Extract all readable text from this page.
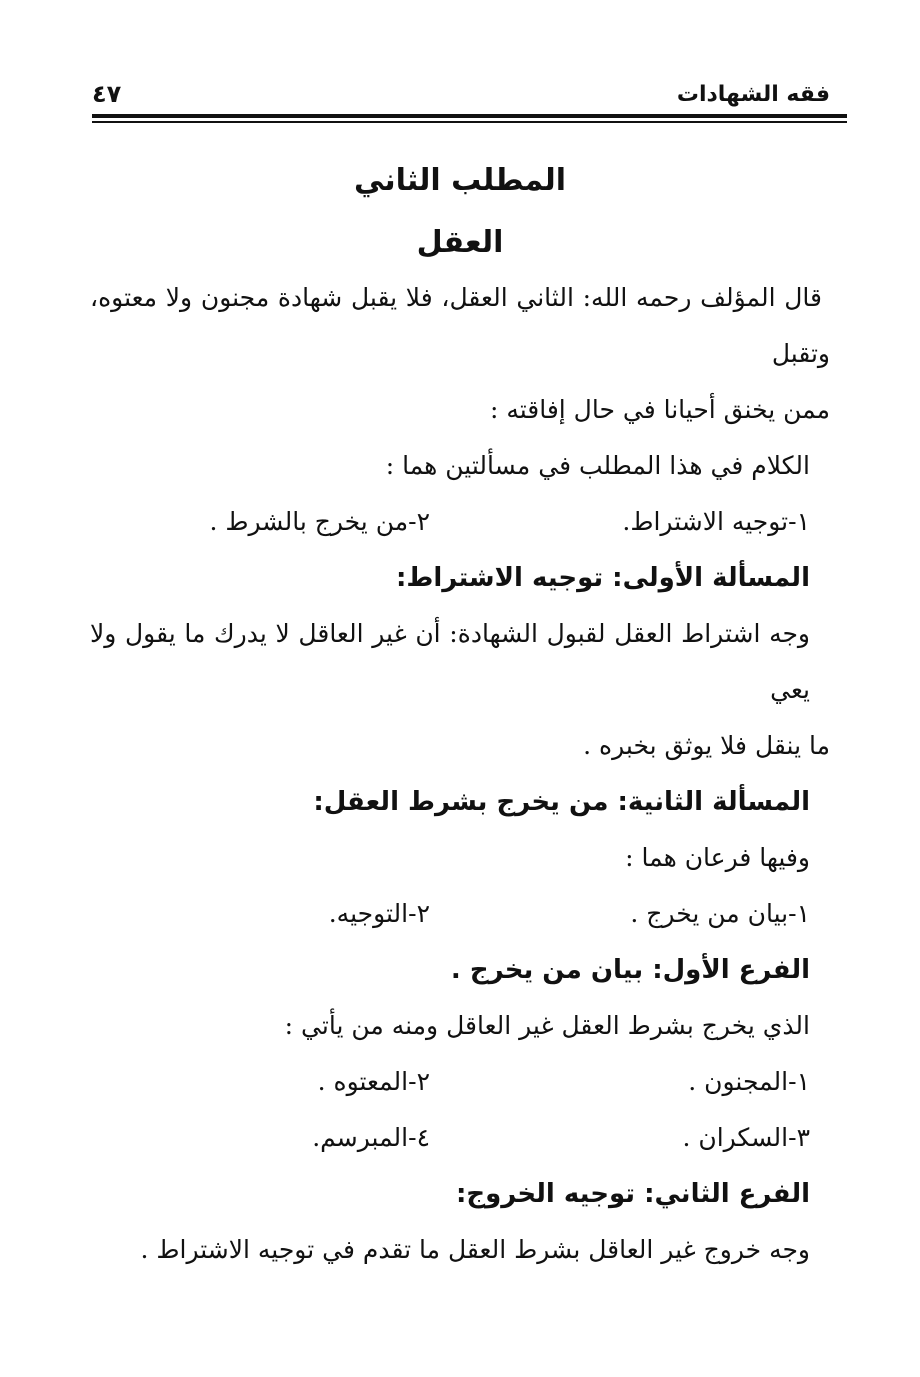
فقه الشهادات
٤٧
المطلب الثاني
العقل

قال المؤلف رحمه الله: الثاني العقل، فلا يقبل شهادة مجنون ولا معتوه، وتقبل

ممن يخنق أحيانا في حال إفاقته :

الكلام في هذا المطلب في مسألتين هما :

١-توجيه الاشتراط.
٢-من يخرج بالشرط .
المسألة الأولى: توجيه الاشتراط:

وجه اشتراط العقل لقبول الشهادة: أن غير العاقل لا يدرك ما يقول ولا يعي

ما ينقل فلا يوثق بخبره .

المسألة الثانية: من يخرج بشرط العقل:

وفيها فرعان هما :

١-بيان من يخرج .
٢-التوجيه.
الفرع الأول: بيان من يخرج .

الذي يخرج بشرط العقل غير العاقل ومنه من يأتي :

١-المجنون .
٢-المعتوه .
٣-السكران .
٤-المبرسم.
الفرع الثاني: توجيه الخروج:

وجه خروج غير العاقل بشرط العقل ما تقدم في توجيه الاشتراط .
